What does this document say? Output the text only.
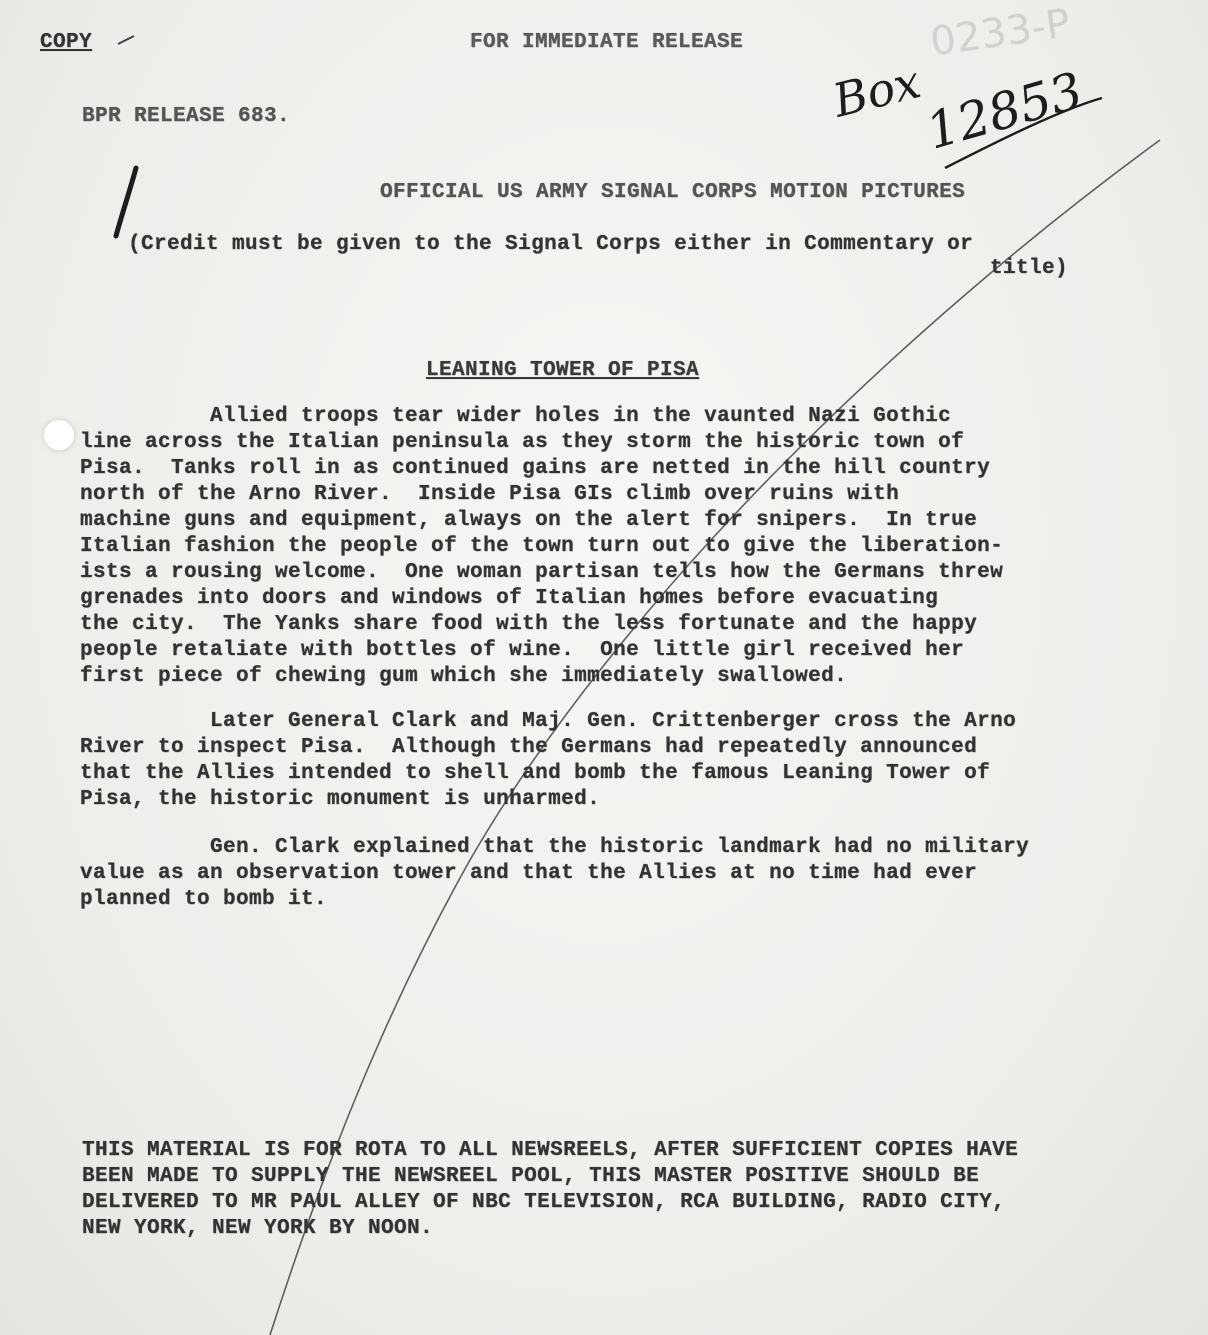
0233-P
COPY	FOR IMMEDIATE RELEASE
BPR RELEASE 683.	Box
12853
OFFICIAL US ARMY SIGNAL CORPS MOTION PICTURES
(Credit must be given to the Signal Corps either in Commentary or
title)
LEANING TOWER OF PISA
Allied troops tear wider holes in the vaunted Nazi Gothic
line across the Italian peninsula as they storm the historic town of
Pisa.  Tanks roll in as continued gains are netted in the hill country
north of the Arno River.  Inside Pisa GIs climb over ruins with
machine guns and equipment, always on the alert for snipers.  In true
Italian fashion the people of the town turn out to give the liberation-
ists a rousing welcome.  One woman partisan tells how the Germans threw
grenades into doors and windows of Italian homes before evacuating
the city.  The Yanks share food with the less fortunate and the happy
people retaliate with bottles of wine.  One little girl received her
first piece of chewing gum which she immediately swallowed.
Later General Clark and Maj. Gen. Crittenberger cross the Arno
River to inspect Pisa.  Although the Germans had repeatedly announced
that the Allies intended to shell and bomb the famous Leaning Tower of
Pisa, the historic monument is unharmed.
Gen. Clark explained that the historic landmark had no military
value as an observation tower and that the Allies at no time had ever
planned to bomb it.
THIS MATERIAL IS FOR ROTA TO ALL NEWSREELS, AFTER SUFFICIENT COPIES HAVE
BEEN MADE TO SUPPLY THE NEWSREEL POOL, THIS MASTER POSITIVE SHOULD BE
DELIVERED TO MR PAUL ALLEY OF NBC TELEVISION, RCA BUILDING, RADIO CITY,
NEW YORK, NEW YORK BY NOON.
